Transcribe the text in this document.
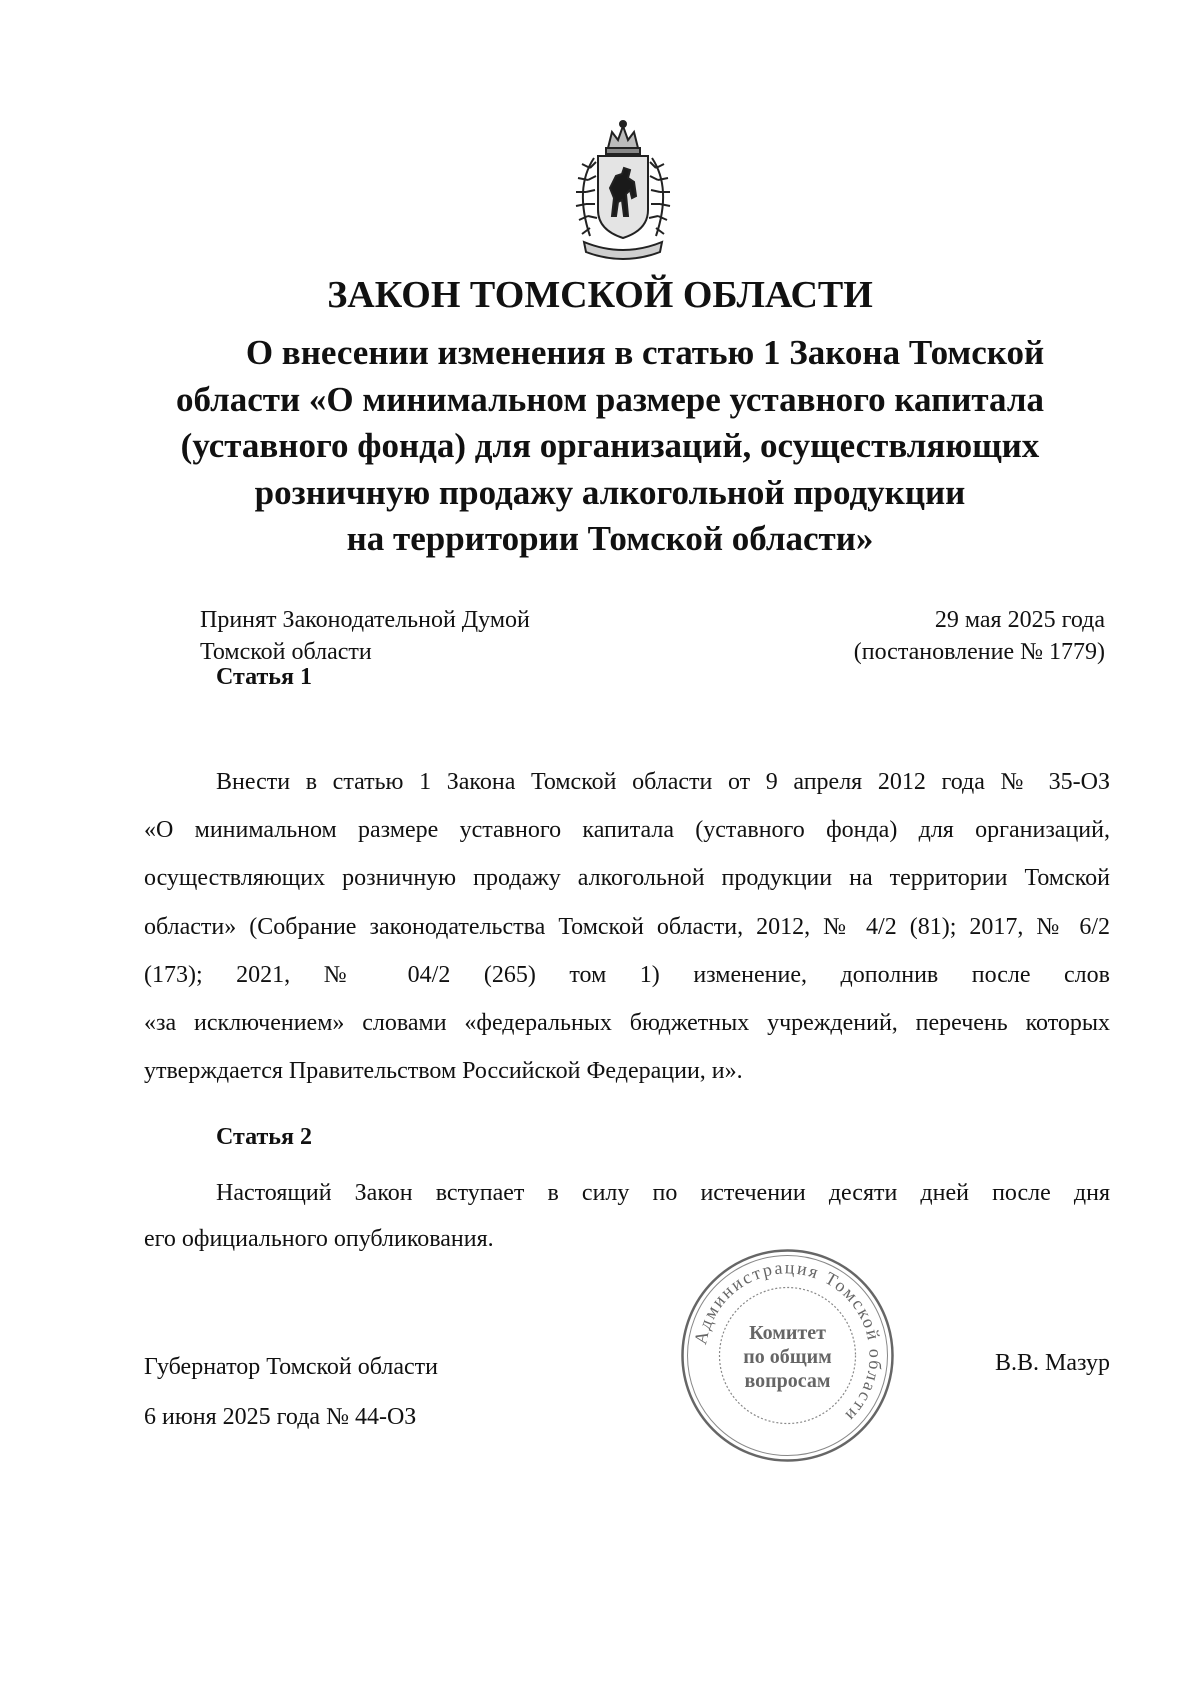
ЗАКОН ТОМСКОЙ ОБЛАСТИ
О внесении изменения в статью 1 Закона Томской
области «О минимальном размере уставного капитала
(уставного фонда) для организаций, осуществляющих
розничную продажу алкогольной продукции
на территории Томской области»
Принят Законодательной Думой
Томской области
29 мая 2025 года
(постановление № 1779)
Статья 1
Внести в статью 1 Закона Томской области от 9 апреля 2012 года № 35-ОЗ
«О минимальном размере уставного капитала (уставного фонда) для организаций,
осуществляющих розничную продажу алкогольной продукции на территории Томской
области» (Собрание законодательства Томской области, 2012, № 4/2 (81); 2017, № 6/2
(173); 2021, № 04/2 (265) том 1) изменение, дополнив после слов
«за исключением» словами «федеральных бюджетных учреждений, перечень которых
утверждается Правительством Российской Федерации, и».
Статья 2
Настоящий Закон вступает в силу по истечении десяти дней после дня
его официального опубликования.
Губернатор Томской области
6 июня 2025 года № 44-ОЗ
Администрация Томской области
Комитет
по общим
вопросам
В.В. Мазур
